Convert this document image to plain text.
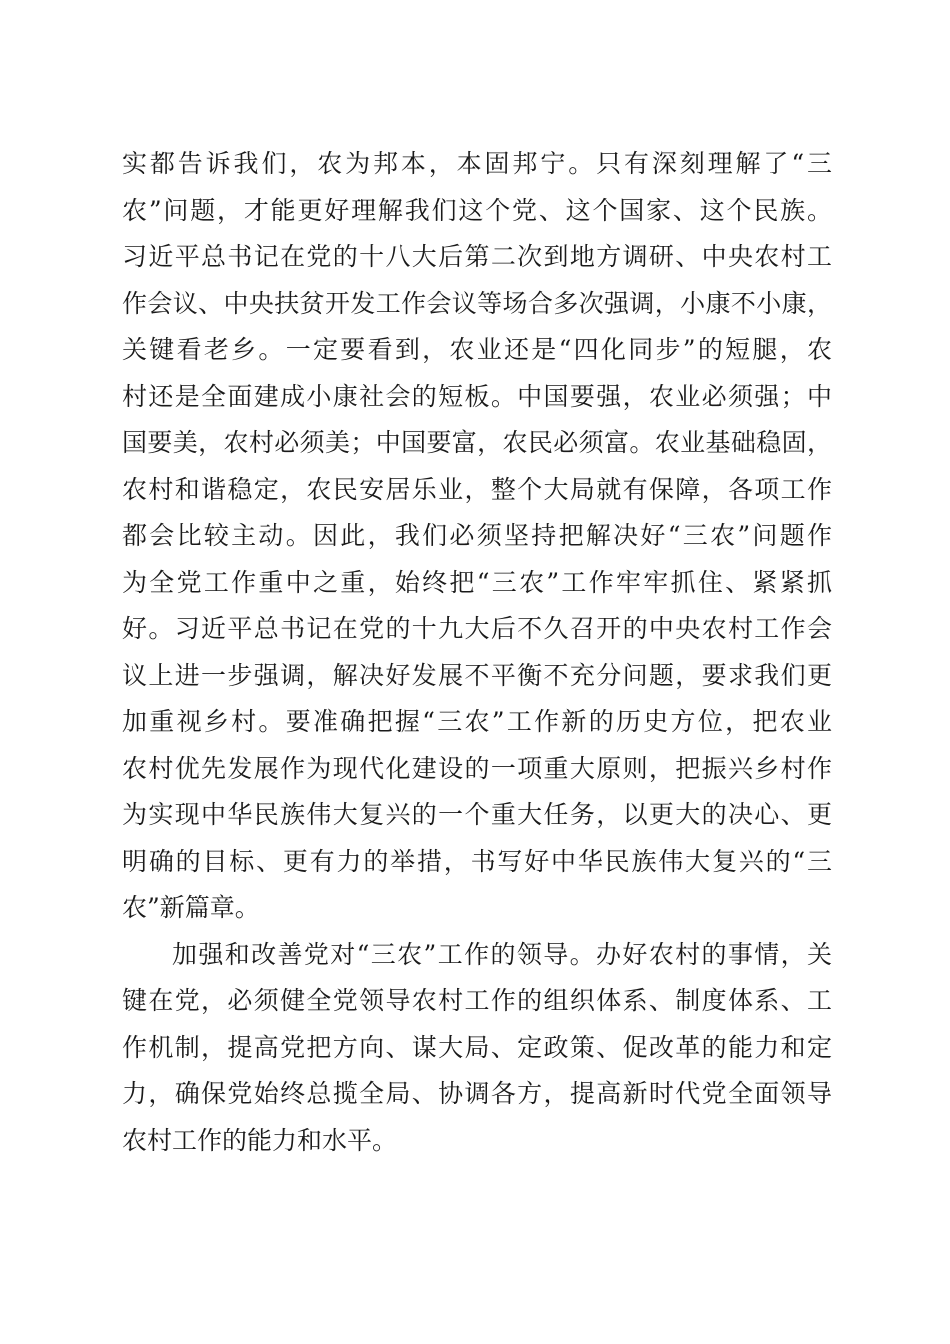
实都告诉我们，农为邦本，本固邦宁。只有深刻理解了“三
农”问题，才能更好理解我们这个党、这个国家、这个民族。
习近平总书记在党的十八大后第二次到地方调研、中央农村工
作会议、中央扶贫开发工作会议等场合多次强调，小康不小康，
关键看老乡。一定要看到，农业还是“四化同步”的短腿，农
村还是全面建成小康社会的短板。中国要强，农业必须强；中
国要美，农村必须美；中国要富，农民必须富。农业基础稳固，
农村和谐稳定，农民安居乐业，整个大局就有保障，各项工作
都会比较主动。因此，我们必须坚持把解决好“三农”问题作
为全党工作重中之重，始终把“三农”工作牢牢抓住、紧紧抓
好。习近平总书记在党的十九大后不久召开的中央农村工作会
议上进一步强调，解决好发展不平衡不充分问题，要求我们更
加重视乡村。要准确把握“三农”工作新的历史方位，把农业
农村优先发展作为现代化建设的一项重大原则，把振兴乡村作
为实现中华民族伟大复兴的一个重大任务，以更大的决心、更
明确的目标、更有力的举措，书写好中华民族伟大复兴的“三
农”新篇章。
加强和改善党对“三农”工作的领导。办好农村的事情，关
键在党，必须健全党领导农村工作的组织体系、制度体系、工
作机制，提高党把方向、谋大局、定政策、促改革的能力和定
力，确保党始终总揽全局、协调各方，提高新时代党全面领导
农村工作的能力和水平。
